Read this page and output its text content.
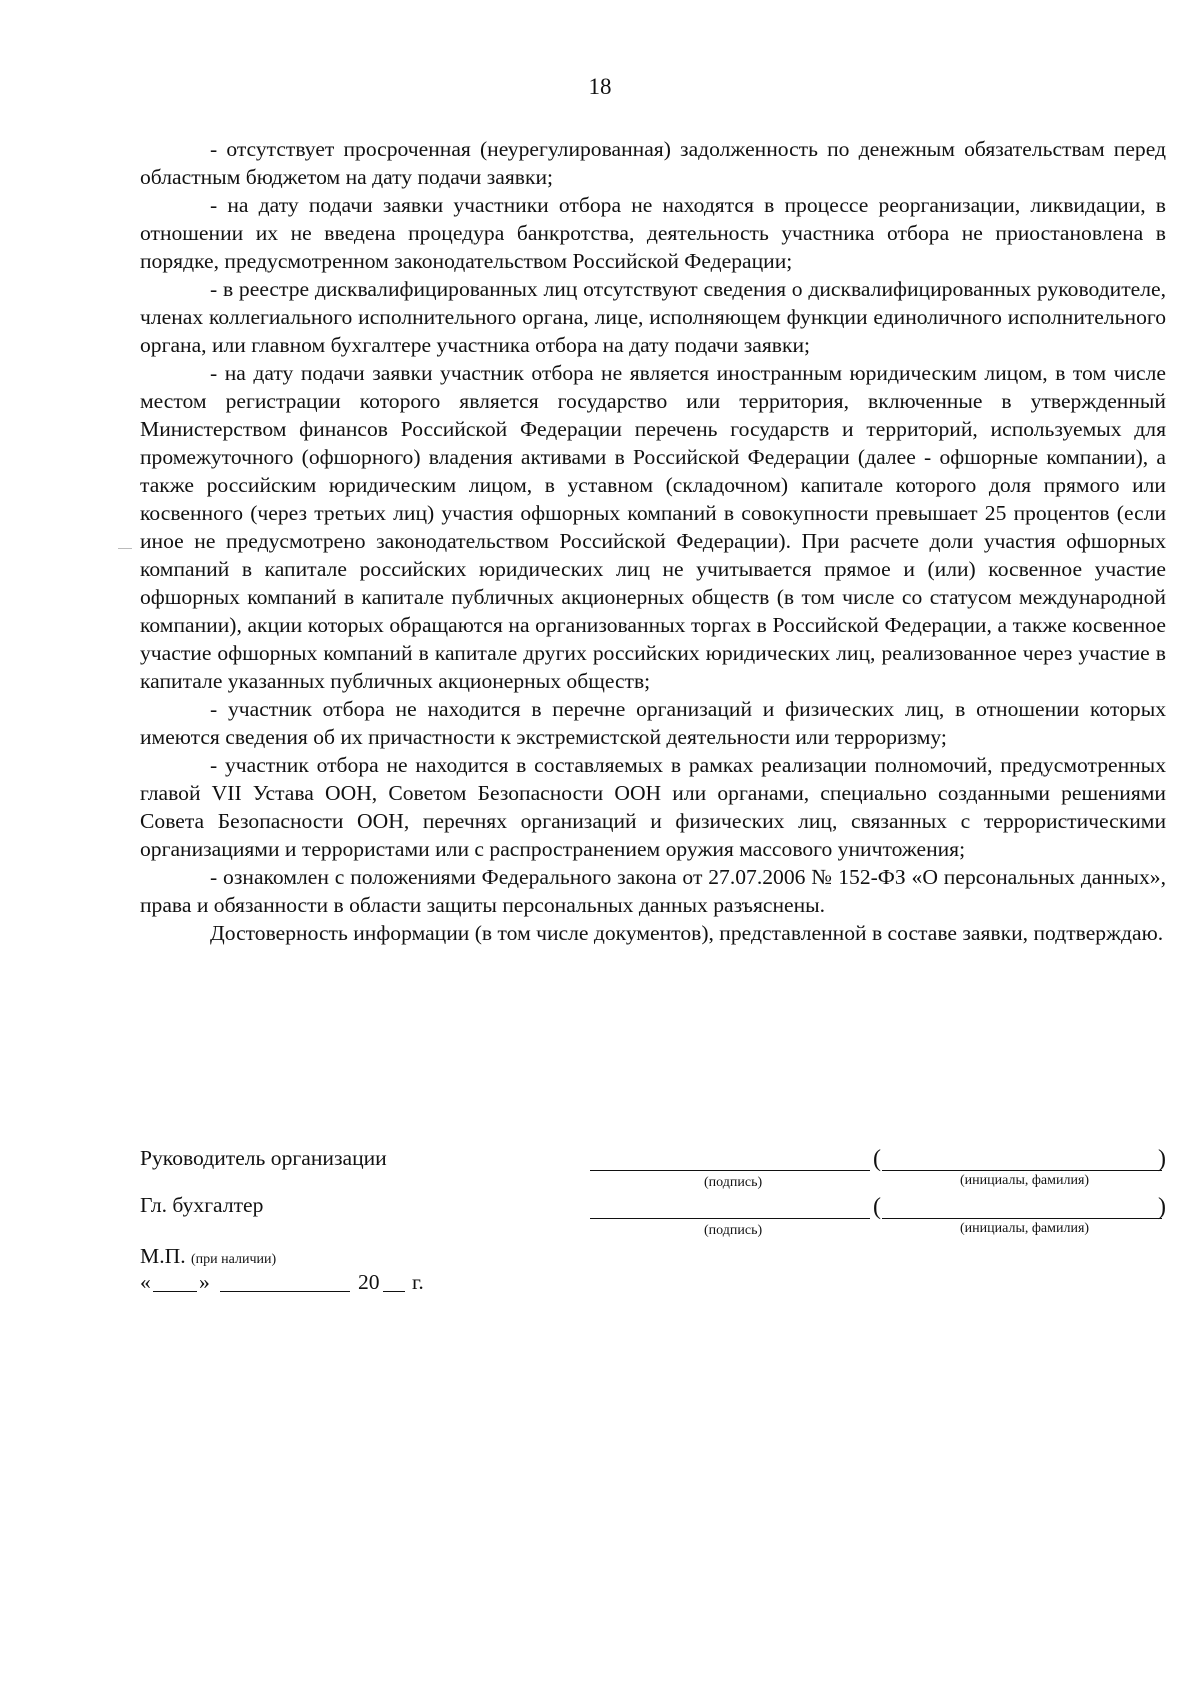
18

- отсутствует просроченная (неурегулированная) задолженность по денежным обязательствам перед областным бюджетом на дату подачи заявки;

- на дату подачи заявки участники отбора не находятся в процессе реорганизации, ликвидации, в отношении их не введена процедура банкротства, деятельность участника отбора не приостановлена в порядке, предусмотренном законодательством Российской Федерации;

- в реестре дисквалифицированных лиц отсутствуют сведения о дисквалифицированных руководителе, членах коллегиального исполнительного органа, лице, исполняющем функции единоличного исполнительного органа, или главном бухгалтере участника отбора на дату подачи заявки;

- на дату подачи заявки участник отбора не является иностранным юридическим лицом, в том числе местом регистрации которого является государство или территория, включенные в утвержденный Министерством финансов Российской Федерации перечень государств и территорий, используемых для промежуточного (офшорного) владения активами в Российской Федерации (далее - офшорные компании), а также российским юридическим лицом, в уставном (складочном) капитале которого доля прямого или косвенного (через третьих лиц) участия офшорных компаний в совокупности превышает 25 процентов (если иное не предусмотрено законодательством Российской Федерации). При расчете доли участия офшорных компаний в капитале российских юридических лиц не учитывается прямое и (или) косвенное участие офшорных компаний в капитале публичных акционерных обществ (в том числе со статусом международной компании), акции которых обращаются на организованных торгах в Российской Федерации, а также косвенное участие офшорных компаний в капитале других российских юридических лиц, реализованное через участие в капитале указанных публичных акционерных обществ;

- участник отбора не находится в перечне организаций и физических лиц, в отношении которых имеются сведения об их причастности к экстремистской деятельности или терроризму;

- участник отбора не находится в составляемых в рамках реализации полномочий, предусмотренных главой VII Устава ООН, Советом Безопасности ООН или органами, специально созданными решениями Совета Безопасности ООН, перечнях организаций и физических лиц, связанных с террористическими организациями и террористами или с распространением оружия массового уничтожения;

- ознакомлен с положениями Федерального закона от 27.07.2006 № 152-ФЗ «О персональных данных», права и обязанности в области защиты персональных данных разъяснены.

Достоверность информации (в том числе документов), представленной в составе заявки, подтверждаю.

Руководитель организации	(	)
(подпись)	(инициалы, фамилия)
Гл. бухгалтер	(	)
(подпись)	(инициалы, фамилия)
М.П. (при наличии)
« »	20 г.
